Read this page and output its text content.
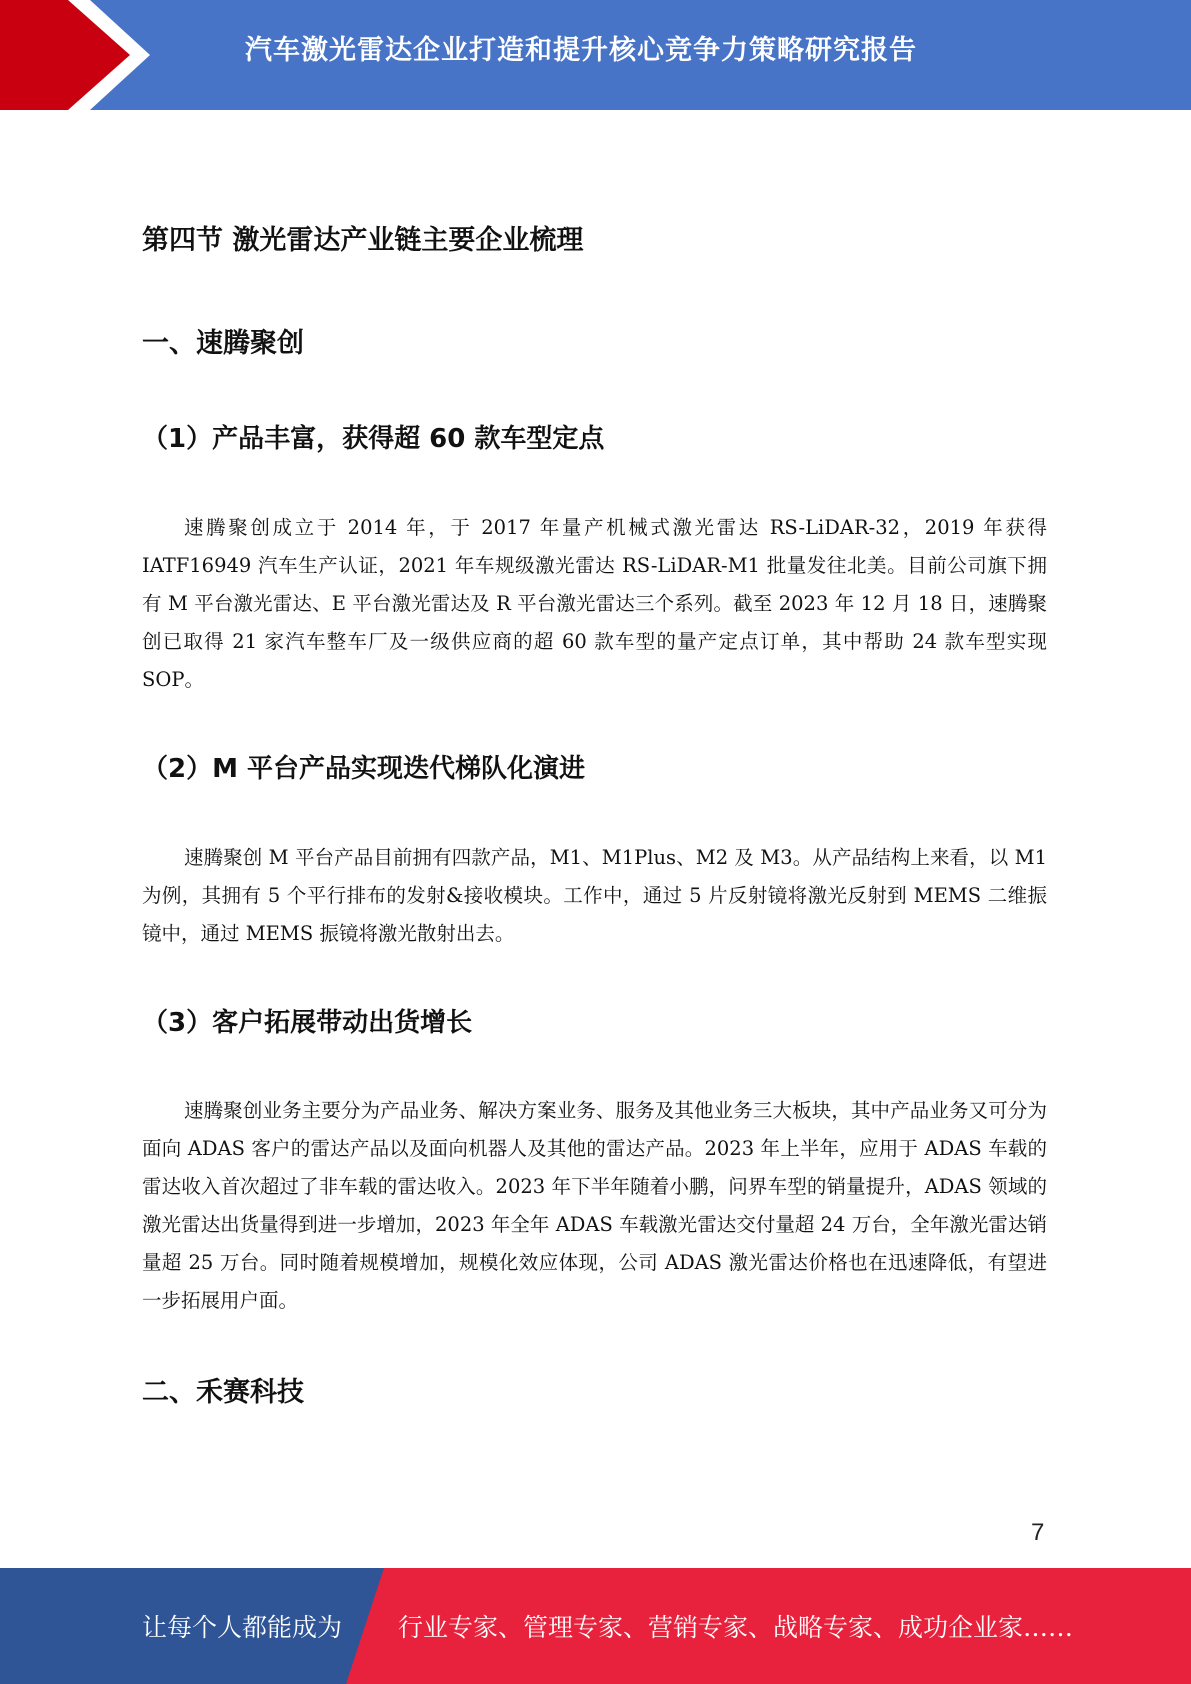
汽车激光雷达企业打造和提升核心竞争力策略研究报告
第四节 激光雷达产业链主要企业梳理
一、速腾聚创
（1）产品丰富，获得超 60 款车型定点
速腾聚创成立于 2014 年，于 2017 年量产机械式激光雷达 RS-LiDAR-32，2019 年获得 IATF16949 汽车生产认证，2021 年车规级激光雷达 RS-LiDAR-M1 批量发往北美。目前公司旗下拥有 M 平台激光雷达、E 平台激光雷达及 R 平台激光雷达三个系列。截至 2023 年 12 月 18 日，速腾聚创已取得 21 家汽车整车厂及一级供应商的超 60 款车型的量产定点订单，其中帮助 24 款车型实现 SOP。
（2）M 平台产品实现迭代梯队化演进
速腾聚创 M 平台产品目前拥有四款产品，M1、M1Plus、M2 及 M3。从产品结构上来看，以 M1 为例，其拥有 5 个平行排布的发射&接收模块。工作中，通过 5 片反射镜将激光反射到 MEMS 二维振镜中，通过 MEMS 振镜将激光散射出去。
（3）客户拓展带动出货增长
速腾聚创业务主要分为产品业务、解决方案业务、服务及其他业务三大板块，其中产品业务又可分为面向 ADAS 客户的雷达产品以及面向机器人及其他的雷达产品。2023 年上半年，应用于 ADAS 车载的雷达收入首次超过了非车载的雷达收入。2023 年下半年随着小鹏，问界车型的销量提升，ADAS 领域的激光雷达出货量得到进一步增加，2023 年全年 ADAS 车载激光雷达交付量超 24 万台，全年激光雷达销量超 25 万台。同时随着规模增加，规模化效应体现，公司 ADAS 激光雷达价格也在迅速降低，有望进一步拓展用户面。
二、禾赛科技
7
让每个人都能成为 行业专家、管理专家、营销专家、战略专家、成功企业家……
